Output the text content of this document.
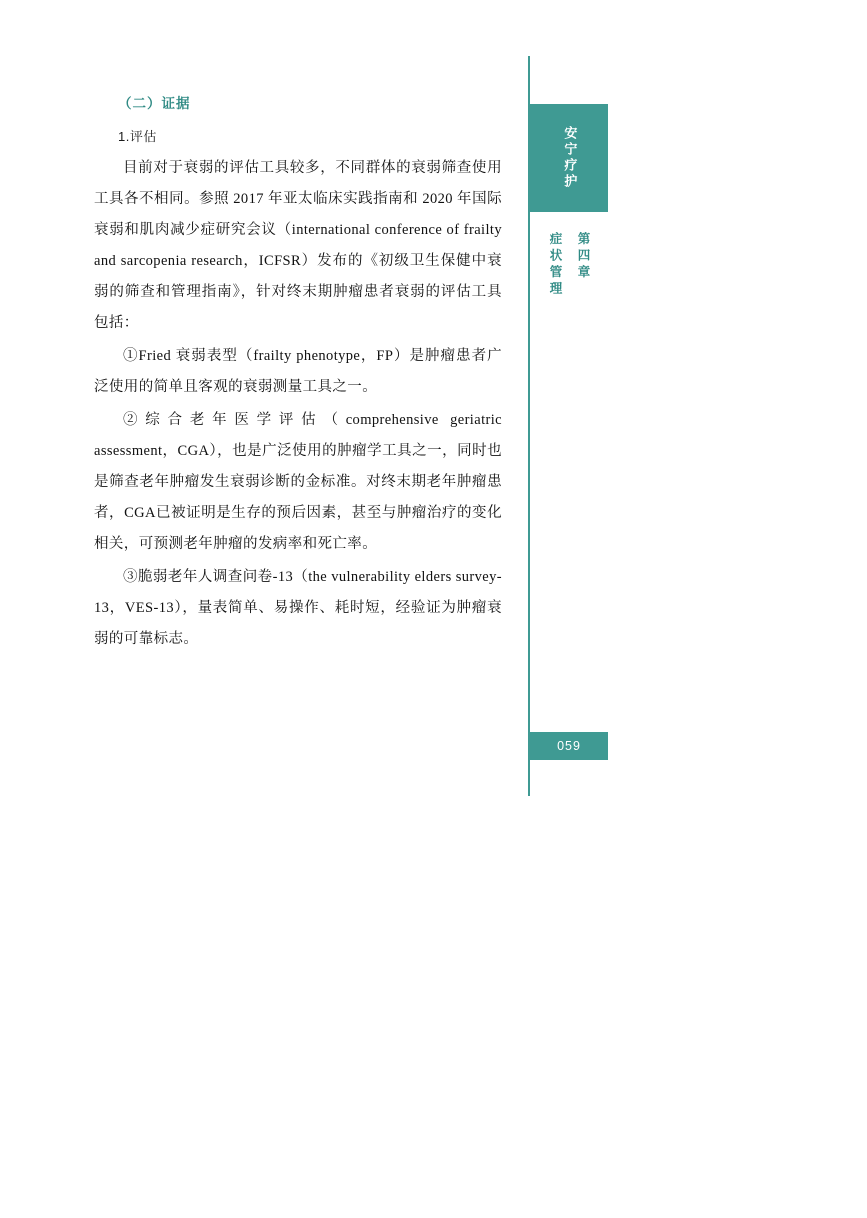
安宁疗护
第四章
症状管理
059
（二）证据
1.评估

目前对于衰弱的评估工具较多，不同群体的衰弱筛查使用工具各不相同。参照 2017 年亚太临床实践指南和 2020 年国际衰弱和肌肉减少症研究会议（international conference of frailty and sarcopenia research，ICFSR）发布的《初级卫生保健中衰弱的筛查和管理指南》，针对终末期肿瘤患者衰弱的评估工具包括：

①Fried 衰弱表型（frailty phenotype，FP）是肿瘤患者广泛使用的简单且客观的衰弱测量工具之一。

②综合老年医学评估（comprehensive geriatric assessment，CGA），也是广泛使用的肿瘤学工具之一，同时也是筛查老年肿瘤发生衰弱诊断的金标准。对终末期老年肿瘤患者，CGA已被证明是生存的预后因素，甚至与肿瘤治疗的变化相关，可预测老年肿瘤的发病率和死亡率。

③脆弱老年人调查问卷-13（the vulnerability elders survey-13，VES-13），量表简单、易操作、耗时短，经验证为肿瘤衰弱的可靠标志。
